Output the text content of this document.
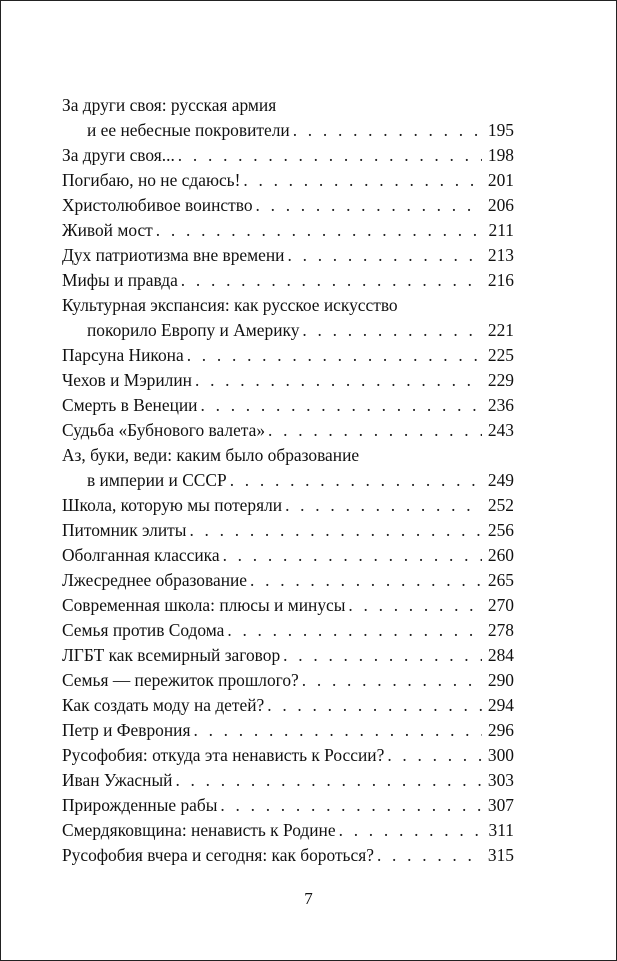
За други своя: русская армия
и ее небесные покровители . . .	195
За други своя... . . .	198
Погибаю, но не сдаюсь! . . .	201
Христолюбивое воинство . . .	206
Живой мост . . .	211
Дух патриотизма вне времени . . .	213
Мифы и правда . . .	216
Культурная экспансия: как русское искусство
покорило Европу и Америку . . .	221
Парсуна Никона . . .	225
Чехов и Мэрилин . . .	229
Смерть в Венеции . . .	236
Судьба «Бубнового валета» . . .	243
Аз, буки, веди: каким было образование
в империи и СССР . . .	249
Школа, которую мы потеряли . . .	252
Питомник элиты . . .	256
Оболганная классика . . .	260
Лжесреднее образование . . .	265
Современная школа: плюсы и минусы . . .	270
Семья против Содома . . .	278
ЛГБТ как всемирный заговор . . .	284
Семья — пережиток прошлого? . . .	290
Как создать моду на детей? . . .	294
Петр и Феврония . . .	296
Русофобия: откуда эта ненависть к России? . . .	300
Иван Ужасный . . .	303
Прирожденные рабы . . .	307
Смердяковщина: ненависть к Родине . . .	311
Русофобия вчера и сегодня: как бороться? . . .	315
7
